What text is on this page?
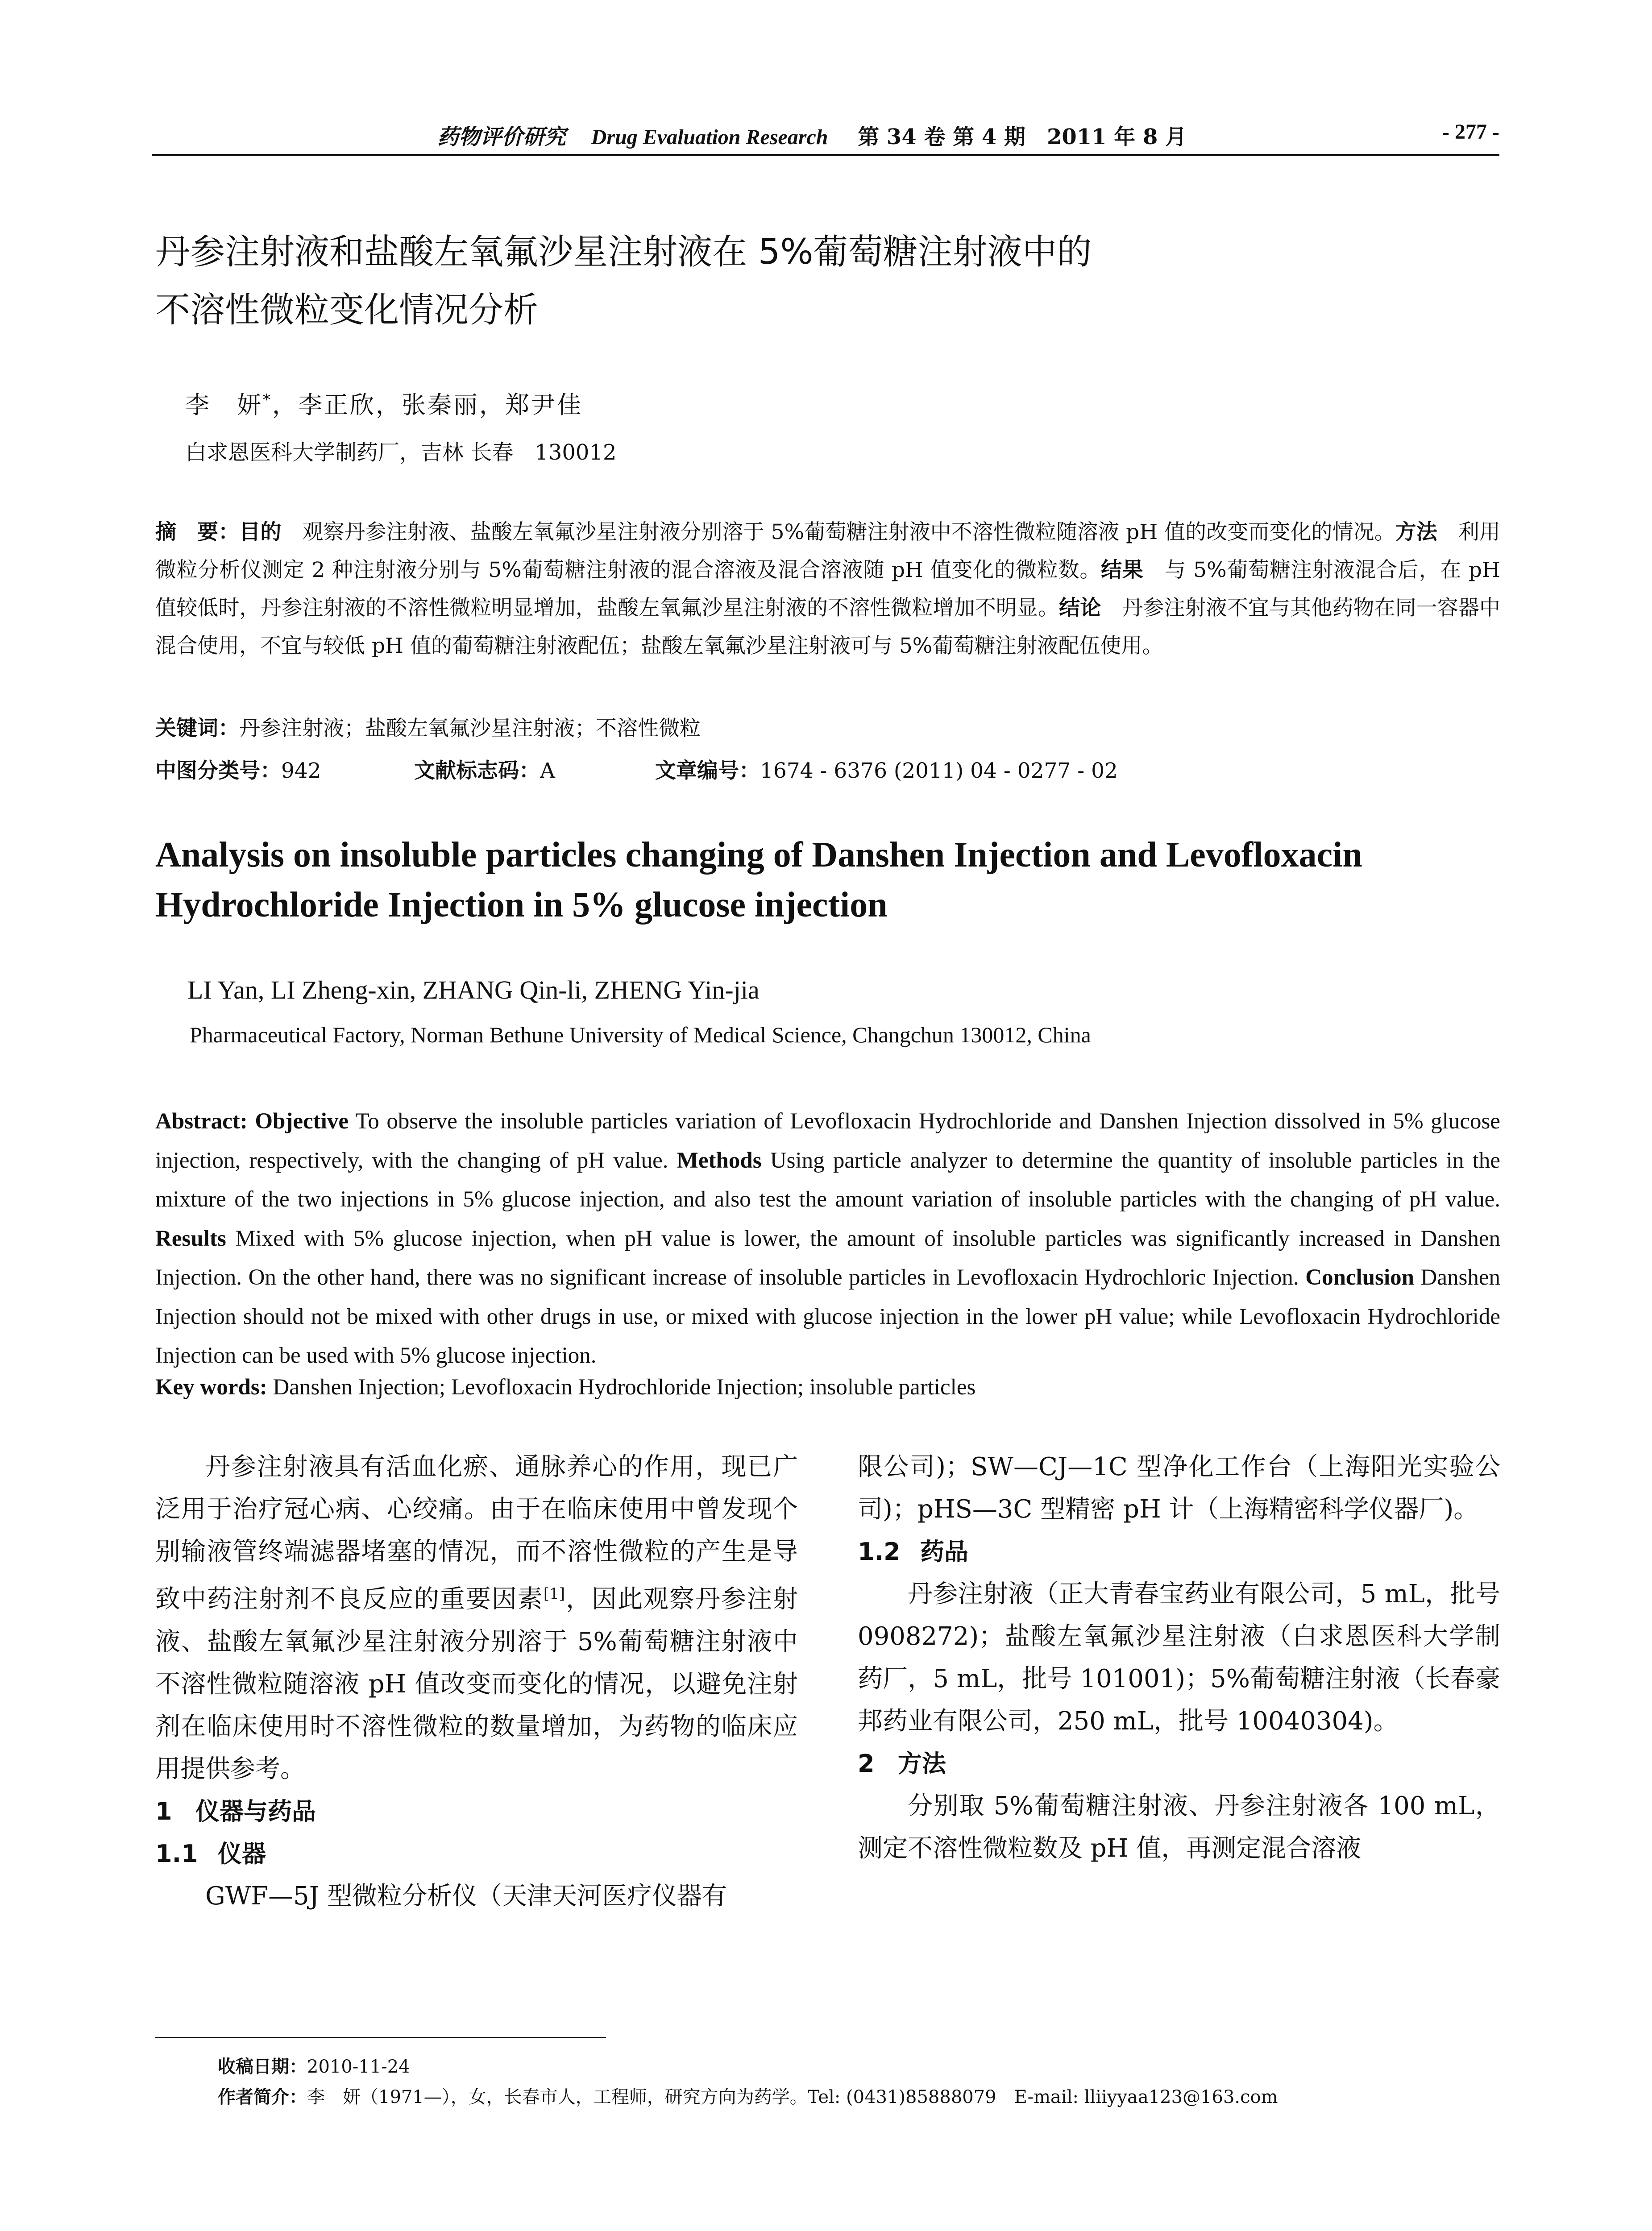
药物评价研究 Drug Evaluation Research 第 34 卷 第 4 期　2011 年 8 月	- 277 -
丹参注射液和盐酸左氧氟沙星注射液在 5%葡萄糖注射液中的
不溶性微粒变化情况分析
李　妍*，李正欣，张秦丽，郑尹佳
白求恩医科大学制药厂，吉林 长春　130012
摘　要：目的　观察丹参注射液、盐酸左氧氟沙星注射液分别溶于 5%葡萄糖注射液中不溶性微粒随溶液 pH 值的改变而变化的情况。方法　利用微粒分析仪测定 2 种注射液分别与 5%葡萄糖注射液的混合溶液及混合溶液随 pH 值变化的微粒数。结果　与 5%葡萄糖注射液混合后，在 pH 值较低时，丹参注射液的不溶性微粒明显增加，盐酸左氧氟沙星注射液的不溶性微粒增加不明显。结论　丹参注射液不宜与其他药物在同一容器中混合使用，不宜与较低 pH 值的葡萄糖注射液配伍；盐酸左氧氟沙星注射液可与 5%葡萄糖注射液配伍使用。
关键词：丹参注射液；盐酸左氧氟沙星注射液；不溶性微粒
中图分类号：942	文献标志码：A	文章编号：1674 - 6376 (2011) 04 - 0277 - 02
Analysis on insoluble particles changing of Danshen Injection and Levofloxacin
Hydrochloride Injection in 5% glucose injection
LI Yan, LI Zheng-xin, ZHANG Qin-li, ZHENG Yin-jia
Pharmaceutical Factory, Norman Bethune University of Medical Science, Changchun 130012, China
Abstract: Objective To observe the insoluble particles variation of Levofloxacin Hydrochloride and Danshen Injection dissolved in 5% glucose injection, respectively, with the changing of pH value. Methods Using particle analyzer to determine the quantity of insoluble particles in the mixture of the two injections in 5% glucose injection, and also test the amount variation of insoluble particles with the changing of pH value. Results Mixed with 5% glucose injection, when pH value is lower, the amount of insoluble particles was significantly increased in Danshen Injection. On the other hand, there was no significant increase of insoluble particles in Levofloxacin Hydrochloric Injection. Conclusion Danshen Injection should not be mixed with other drugs in use, or mixed with glucose injection in the lower pH value; while Levofloxacin Hydrochloride Injection can be used with 5% glucose injection.
Key words: Danshen Injection; Levofloxacin Hydrochloride Injection; insoluble particles

丹参注射液具有活血化瘀、通脉养心的作用，现已广泛用于治疗冠心病、心绞痛。由于在临床使用中曾发现个别输液管终端滤器堵塞的情况，而不溶性微粒的产生是导致中药注射剂不良反应的重要因素[1]，因此观察丹参注射液、盐酸左氧氟沙星注射液分别溶于 5%葡萄糖注射液中不溶性微粒随溶液 pH 值改变而变化的情况，以避免注射剂在临床使用时不溶性微粒的数量增加，为药物的临床应用提供参考。

1 仪器与药品
1.1 仪器

GWF—5J 型微粒分析仪（天津天河医疗仪器有

限公司)；SW—CJ—1C 型净化工作台（上海阳光实验公司)；pHS—3C 型精密 pH 计（上海精密科学仪器厂)。

1.2 药品

丹参注射液（正大青春宝药业有限公司，5 mL，批号 0908272)；盐酸左氧氟沙星注射液（白求恩医科大学制药厂，5 mL，批号 101001)；5%葡萄糖注射液（长春豪邦药业有限公司，250 mL，批号 10040304)。

2 方法

分别取 5%葡萄糖注射液、丹参注射液各 100 mL，测定不溶性微粒数及 pH 值，再测定混合溶液

收稿日期：2010-11-24
作者简介：李　妍（1971—），女，长春市人，工程师，研究方向为药学。Tel: (0431)85888079　E-mail: lliiyyaa123@163.com
